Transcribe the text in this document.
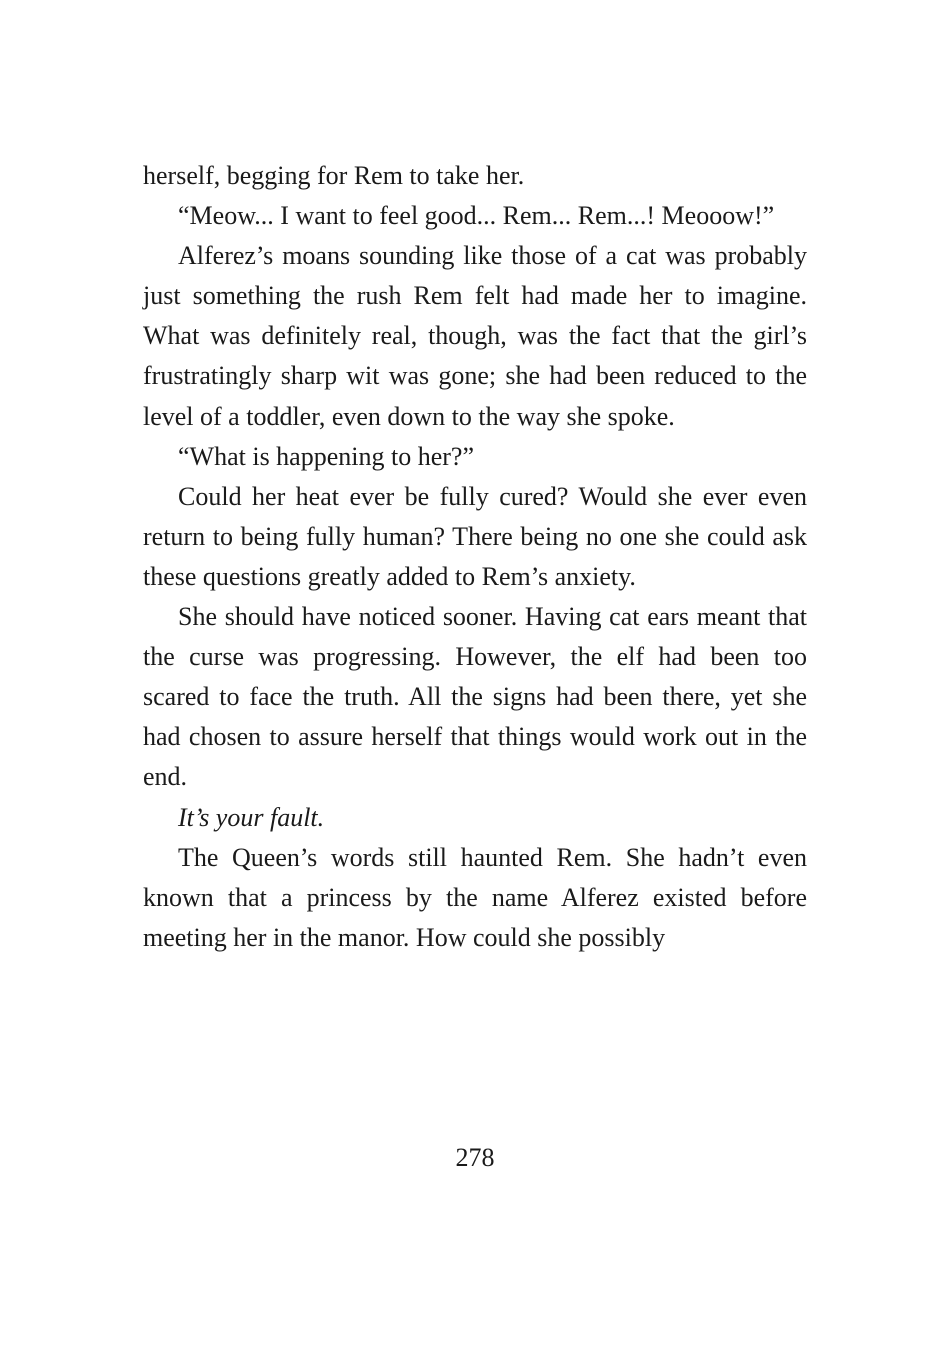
herself, begging for Rem to take her.

“Meow... I want to feel good... Rem... Rem...! Meooow!”

Alferez’s moans sounding like those of a cat was probably just something the rush Rem felt had made her to imagine. What was definitely real, though, was the fact that the girl’s frustratingly sharp wit was gone; she had been reduced to the level of a toddler, even down to the way she spoke.

“What is happening to her?”

Could her heat ever be fully cured? Would she ever even return to being fully human? There being no one she could ask these questions greatly added to Rem’s anxiety.

She should have noticed sooner. Having cat ears meant that the curse was progressing. However, the elf had been too scared to face the truth. All the signs had been there, yet she had chosen to assure herself that things would work out in the end.

It’s your fault.

The Queen’s words still haunted Rem. She hadn’t even known that a princess by the name Alferez existed before meeting her in the manor. How could she possibly

278
